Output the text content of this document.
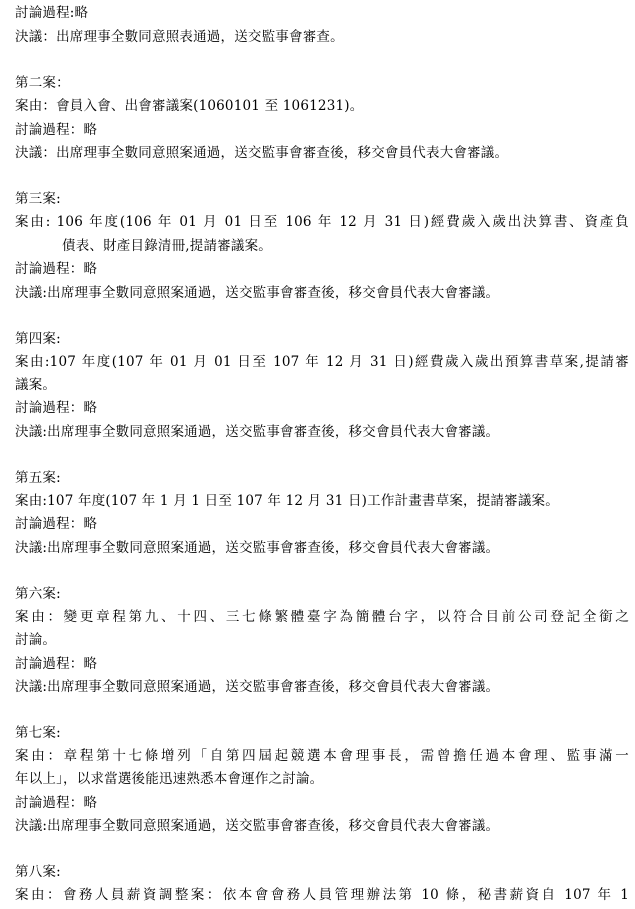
討論過程:略
決議：出席理事全數同意照表通過，送交監事會審查。
第二案：
案由：會員入會、出會審議案(1060101 至 1061231)。
討論過程：略
決議：出席理事全數同意照案通過，送交監事會審查後，移交會員代表大會審議。
第三案:
案由: 106 年度(106 年 01 月 01 日至 106 年 12 月 31 日)經費歲入歲出決算書、資產負
債表、財產目錄清冊,提請審議案。
討論過程：略
決議:出席理事全數同意照案通過，送交監事會審查後，移交會員代表大會審議。
第四案:
案由:107 年度(107 年 01 月 01 日至 107 年 12 月 31 日)經費歲入歲出預算書草案,提請審
議案。
討論過程：略
決議:出席理事全數同意照案通過，送交監事會審查後，移交會員代表大會審議。
第五案:
案由:107 年度(107 年 1 月 1 日至 107 年 12 月 31 日)工作計畫書草案，提請審議案。
討論過程：略
決議:出席理事全數同意照案通過，送交監事會審查後，移交會員代表大會審議。
第六案:
案由：變更章程第九、十四、三七條繁體臺字為簡體台字，以符合目前公司登記全銜之
討論。
討論過程：略
決議:出席理事全數同意照案通過，送交監事會審查後，移交會員代表大會審議。
第七案:
案由：章程第十七條增列「自第四屆起競選本會理事長，需曾擔任過本會理、監事滿一
年以上」，以求當選後能迅速熟悉本會運作之討論。
討論過程：略
決議:出席理事全數同意照案通過，送交監事會審查後，移交會員代表大會審議。
第八案:
案由：會務人員薪資調整案：依本會會務人員管理辦法第 10 條，秘書薪資自 107 年 1
